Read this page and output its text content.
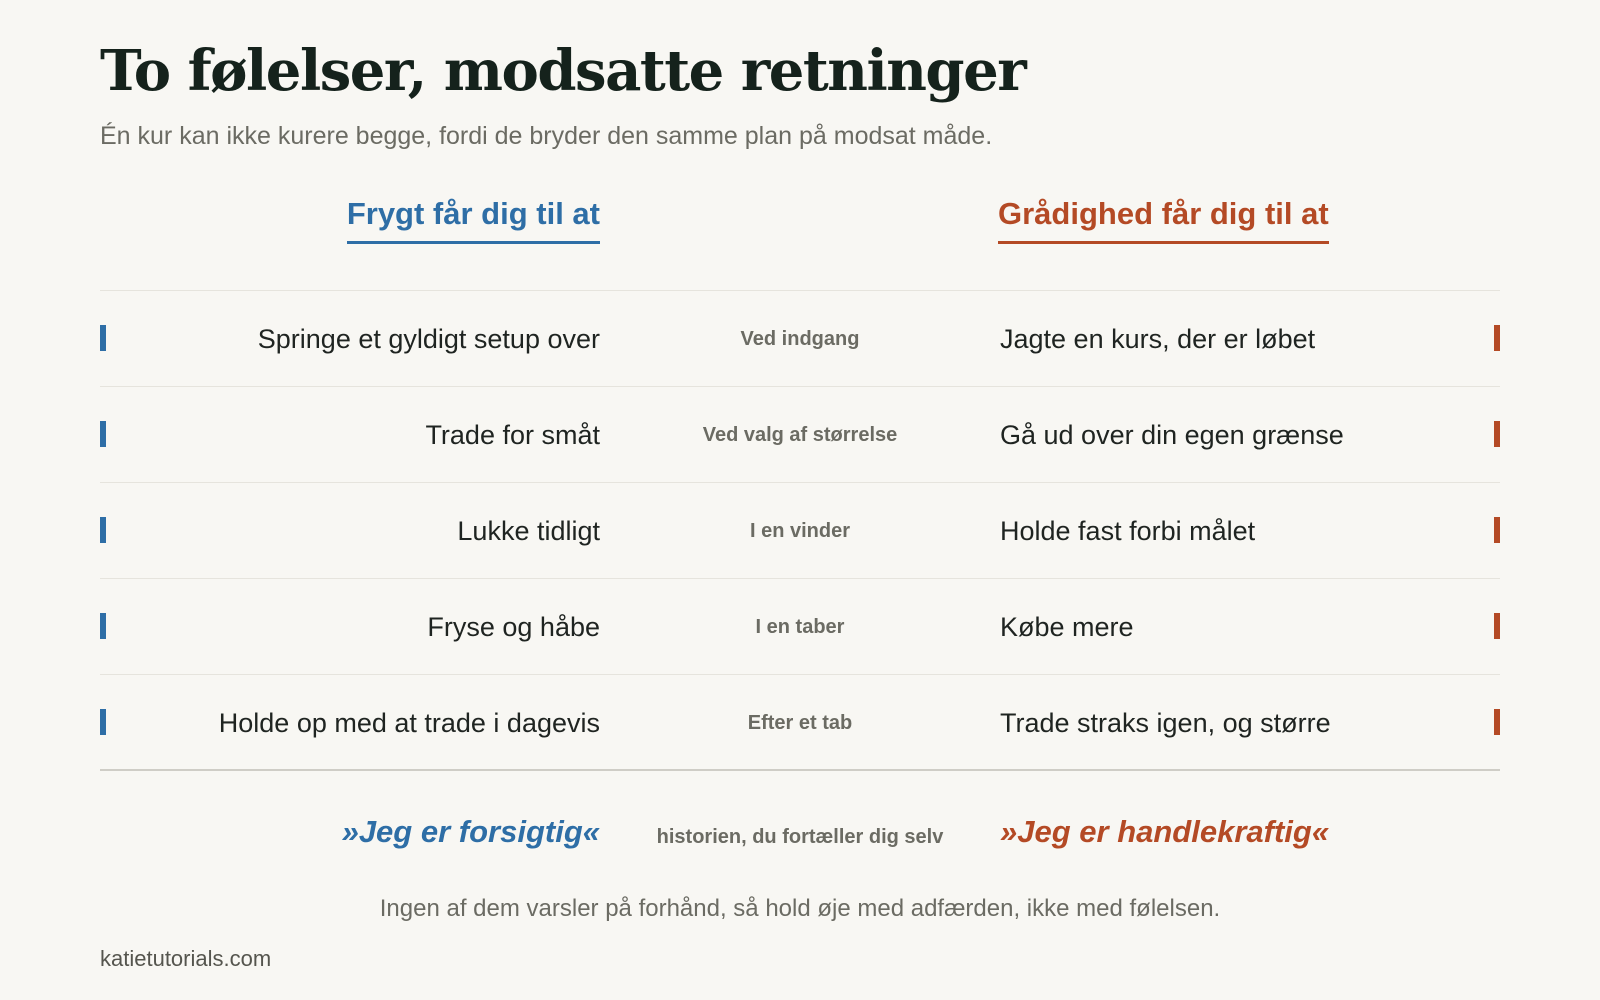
To følelser, modsatte retninger

Én kur kan ikke kurere begge, fordi de bryder den samme plan på modsat måde.

Frygt får dig til at	Grådighed får dig til at
Springe et gyldigt setup over	Ved indgang	Jagte en kurs, der er løbet
Trade for småt	Ved valg af størrelse	Gå ud over din egen grænse
Lukke tidligt	I en vinder	Holde fast forbi målet
Fryse og håbe	I en taber	Købe mere
Holde op med at trade i dagevis	Efter et tab	Trade straks igen, og større
»Jeg er forsigtig«	historien, du fortæller dig selv »Jeg er handlekraftig«

Ingen af dem varsler på forhånd, så hold øje med adfærden, ikke med følelsen.

katietutorials.com
